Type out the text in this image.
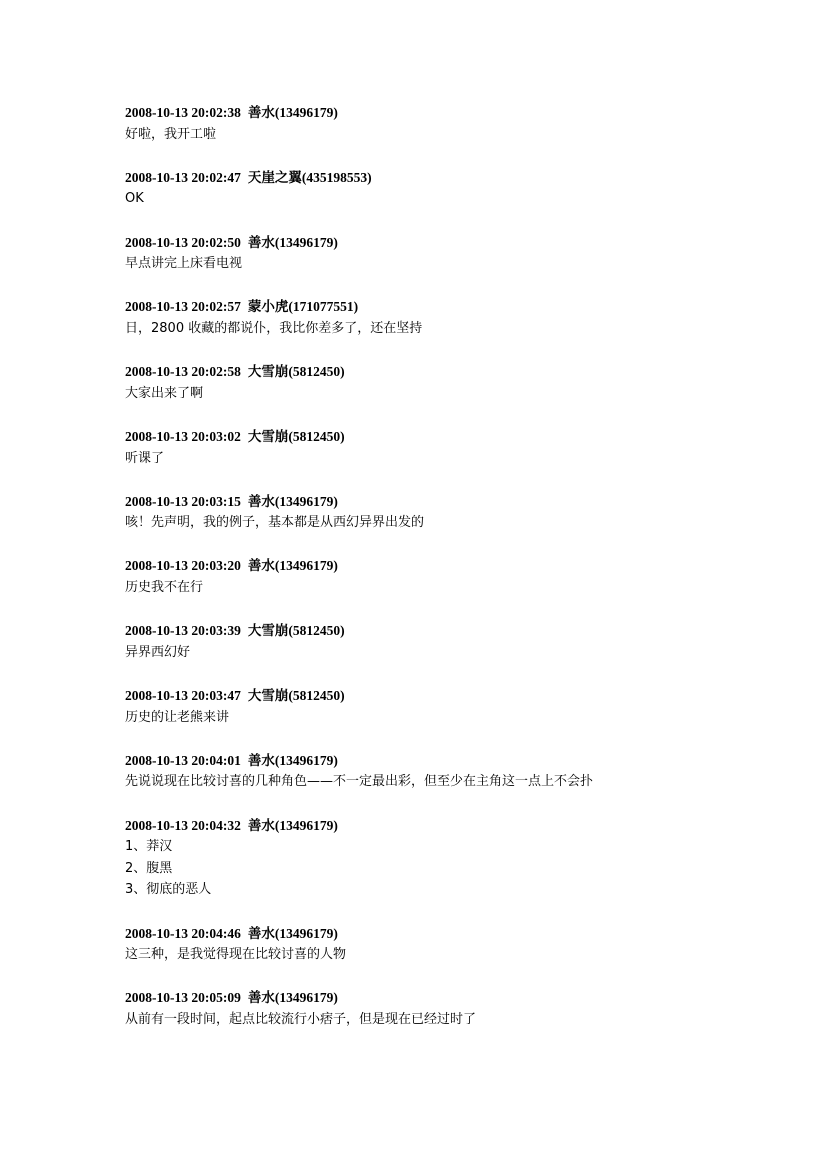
2008-10-13 20:02:38 善水(13496179)
好啦，我开工啦
2008-10-13 20:02:47 天崖之翼(435198553)
OK
2008-10-13 20:02:50 善水(13496179)
早点讲完上床看电视
2008-10-13 20:02:57 蒙小虎(171077551)
日，2800 收藏的都说仆，我比你差多了，还在坚持
2008-10-13 20:02:58 大雪崩(5812450)
大家出来了啊
2008-10-13 20:03:02 大雪崩(5812450)
听课了
2008-10-13 20:03:15 善水(13496179)
咳！先声明，我的例子，基本都是从西幻异界出发的
2008-10-13 20:03:20 善水(13496179)
历史我不在行
2008-10-13 20:03:39 大雪崩(5812450)
异界西幻好
2008-10-13 20:03:47 大雪崩(5812450)
历史的让老熊来讲
2008-10-13 20:04:01 善水(13496179)
先说说现在比较讨喜的几种角色——不一定最出彩，但至少在主角这一点上不会扑
2008-10-13 20:04:32 善水(13496179)
1、莽汉
2、腹黑
3、彻底的恶人
2008-10-13 20:04:46 善水(13496179)
这三种，是我觉得现在比较讨喜的人物
2008-10-13 20:05:09 善水(13496179)
从前有一段时间，起点比较流行小痞子，但是现在已经过时了
